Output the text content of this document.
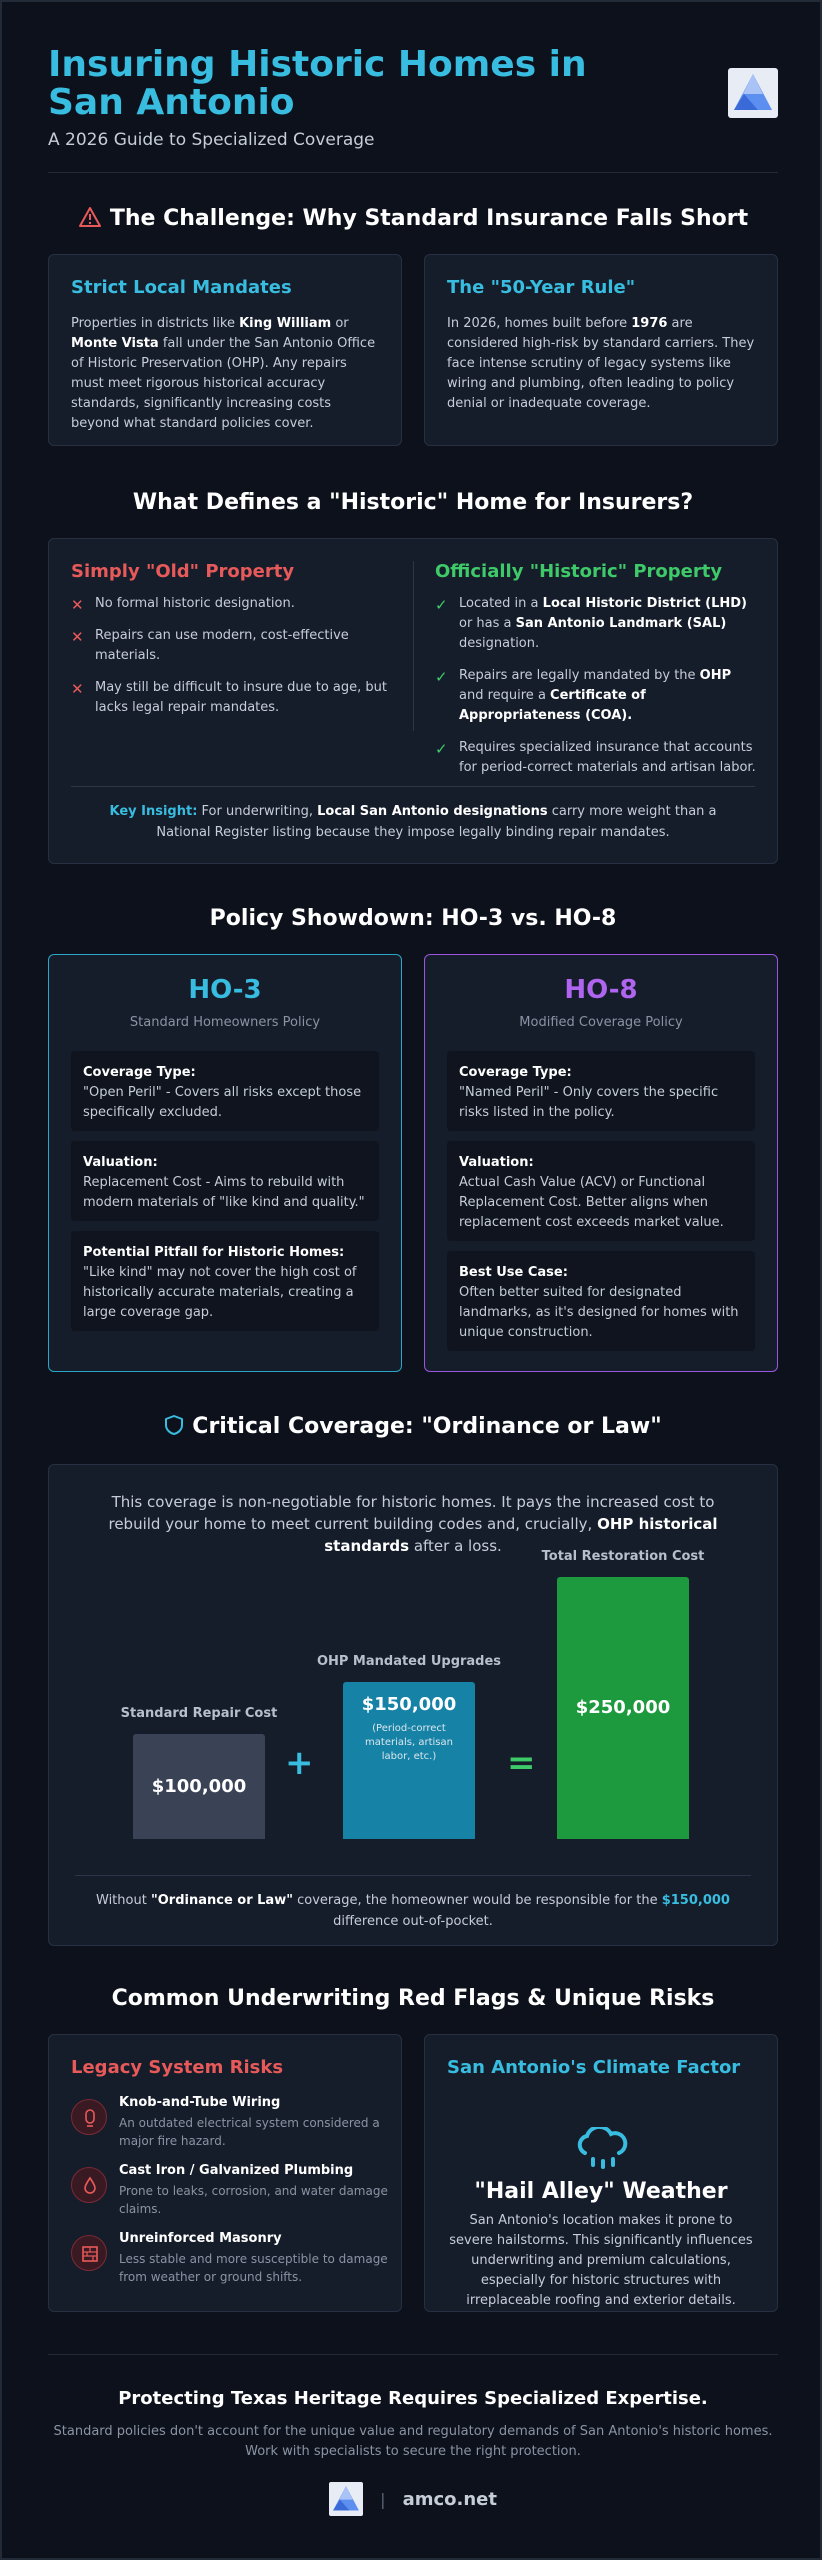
Insuring Historic Homes in San Antonio
A 2026 Guide to Specialized Coverage
The Challenge: Why Standard Insurance Falls Short
Strict Local Mandates

Properties in districts like King William or Monte Vista fall under the San Antonio Office of Historic Preservation (OHP). Any repairs must meet rigorous historical accuracy standards, significantly increasing costs beyond what standard policies cover.

The "50-Year Rule"

In 2026, homes built before 1976 are considered high-risk by standard carriers. They face intense scrutiny of legacy systems like wiring and plumbing, often leading to policy denial or inadequate coverage.

What Defines a "Historic" Home for Insurers?
Simply "Old" Property
✕ No formal historic designation.
✕ Repairs can use modern, cost-effective materials.
✕ May still be difficult to insure due to age, but lacks legal repair mandates.
Officially "Historic" Property
✓ Located in a Local Historic District (LHD) or has a San Antonio Landmark (SAL) designation.
✓ Repairs are legally mandated by the OHP and require a Certificate of Appropriateness (COA).
✓ Requires specialized insurance that accounts for period-correct materials and artisan labor.
Key Insight: For underwriting, Local San Antonio designations carry more weight than a National Register listing because they impose legally binding repair mandates.
Policy Showdown: HO-3 vs. HO-8
HO-3
Standard Homeowners Policy
Coverage Type:
"Open Peril" - Covers all risks except those specifically excluded.
Valuation:
Replacement Cost - Aims to rebuild with modern materials of "like kind and quality."
Potential Pitfall for Historic Homes:
"Like kind" may not cover the high cost of historically accurate materials, creating a large coverage gap.
HO-8
Modified Coverage Policy
Coverage Type:
"Named Peril" - Only covers the specific risks listed in the policy.
Valuation:
Actual Cash Value (ACV) or Functional Replacement Cost. Better aligns when replacement cost exceeds market value.
Best Use Case:
Often better suited for designated landmarks, as it's designed for homes with unique construction.
Critical Coverage: "Ordinance or Law"
This coverage is non-negotiable for historic homes. It pays the increased cost to rebuild your home to meet current building codes and, crucially, OHP historical standards after a loss.
Standard Repair Cost
$100,000
OHP Mandated Upgrades
$150,000
(Period-correct materials, artisan labor, etc.)
Total Restoration Cost
$250,000
+	=
Without "Ordinance or Law" coverage, the homeowner would be responsible for the $150,000 difference out-of-pocket.
Common Underwriting Red Flags & Unique Risks
Legacy System Risks
Knob-and-Tube Wiring
An outdated electrical system considered a major fire hazard.
Cast Iron / Galvanized Plumbing
Prone to leaks, corrosion, and water damage claims.
Unreinforced Masonry
Less stable and more susceptible to damage from weather or ground shifts.
San Antonio's Climate Factor
"Hail Alley" Weather
San Antonio's location makes it prone to severe hailstorms. This significantly influences underwriting and premium calculations, especially for historic structures with irreplaceable roofing and exterior details.
Protecting Texas Heritage Requires Specialized Expertise.
Standard policies don't account for the unique value and regulatory demands of San Antonio's historic homes. Work with specialists to secure the right protection.
| amco.net
